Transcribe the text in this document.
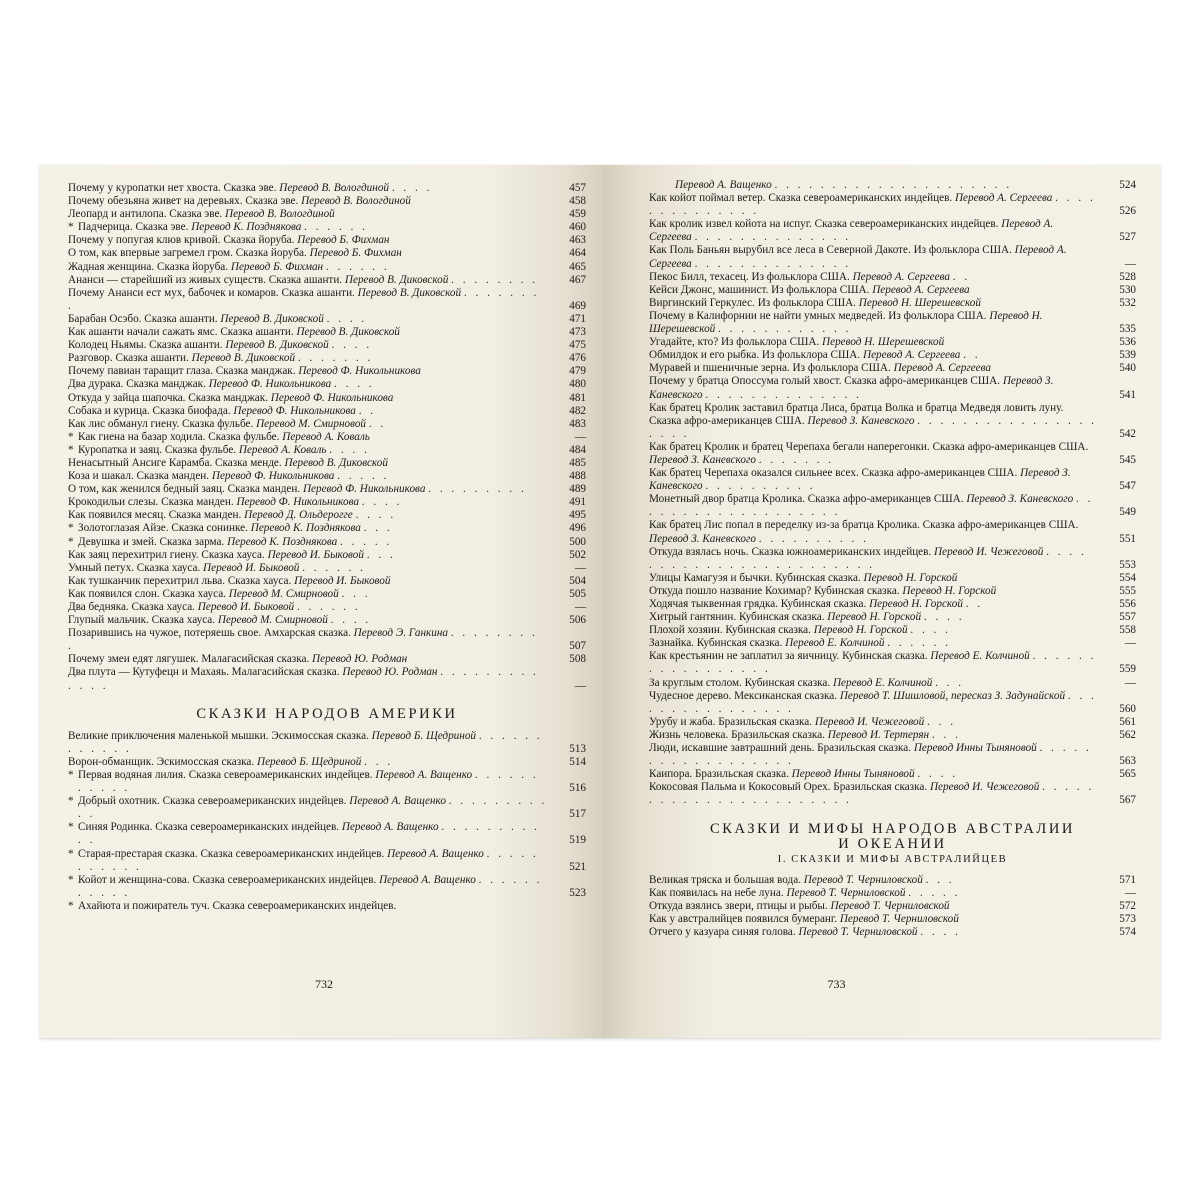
Почему у куропатки нет хвоста. Сказка эве. Перевод В. Вологдиной . . . .	457
Почему обезьяна живет на деревьях. Сказка эве. Перевод В. Вологдиной	458
Леопард и антилопа. Сказка эве. Перевод В. Вологдиной	459
* Падчерица. Сказка эве. Перевод К. Позднякова . . . . . .	460
Почему у попугая клюв кривой. Сказка йоруба. Перевод Б. Фихман	463
О том, как впервые загремел гром. Сказка йоруба. Перевод Б. Фихман	464
Жадная женщина. Сказка йоруба. Перевод Б. Фихман . . . . . .	465
Ананси — старейший из живых существ. Сказка ашанти. Перевод В. Диковской . . . . . . . .	467
Почему Ананси ест мух, бабочек и комаров. Сказка ашанти. Перевод В. Диковской . . . . . . . .	469
Барабан Осэбо. Сказка ашанти. Перевод В. Диковской . . . .	471
Как ашанти начали сажать ямс. Сказка ашанти. Перевод В. Диковской	473
Колодец Ньямы. Сказка ашанти. Перевод В. Диковской . . . .	475
Разговор. Сказка ашанти. Перевод В. Диковской . . . . . . .	476
Почему павиан таращит глаза. Сказка манджак. Перевод Ф. Никольникова	479
Два дурака. Сказка манджак. Перевод Ф. Никольникова . . . .	480
Откуда у зайца шапочка. Сказка манджак. Перевод Ф. Никольникова	481
Собака и курица. Сказка биофада. Перевод Ф. Никольникова . .	482
Как лис обманул гиену. Сказка фульбе. Перевод М. Смирновой . .	483
* Как гиена на базар ходила. Сказка фульбе. Перевод А. Коваль	—
* Куропатка и заяц. Сказка фульбе. Перевод А. Коваль . . . .	484
Ненасытный Ансиге Карамба. Сказка менде. Перевод В. Диковской	485
Коза и шакал. Сказка манден. Перевод Ф. Никольникова . . . . .	488
О том, как женился бедный заяц. Сказка манден. Перевод Ф. Никольникова . . . . . . . . .	489
Крокодильи слезы. Сказка манден. Перевод Ф. Никольникова . . . .	491
Как появился месяц. Сказка манден. Перевод Д. Ольдерогге . . . .	495
* Золотоглазая Айзе. Сказка сонинке. Перевод К. Позднякова . . .	496
* Девушка и змей. Сказка зарма. Перевод К. Позднякова . . . . .	500
Как заяц перехитрил гиену. Сказка хауса. Перевод И. Быковой . . .	502
Умный петух. Сказка хауса. Перевод И. Быковой . . . . . .	—
Как тушканчик перехитрил льва. Сказка хауса. Перевод И. Быковой	504
Как появился слон. Сказка хауса. Перевод М. Смирновой . . .	505
Два бедняка. Сказка хауса. Перевод И. Быковой . . . . . .	—
Глупый мальчик. Сказка хауса. Перевод М. Смирновой . . . .	506
Позарившись на чужое, потеряешь свое. Амхарская сказка. Перевод Э. Ганкина . . . . . . . . .	507
Почему змеи едят лягушек. Малагасийская сказка. Перевод Ю. Родман	508
Два плута — Кутуфецн и Махаяь. Малагасийская сказка. Перевод Ю. Родман . . . . . . . . . . . . .	—
СКАЗКИ НАРОДОВ АМЕРИКИ
Великие приключения маленькой мышки. Эскимосская сказка. Перевод Б. Щедриной . . . . . . . . . . . .	513
Ворон-обманщик. Эскимосская сказка. Перевод Б. Щедриной . . .	514
* Первая водяная лилия. Сказка североамериканских индейцев. Перевод А. Ващенко . . . . . . . . . . .	516
* Добрый охотник. Сказка североамериканских индейцев. Перевод А. Ващенко . . . . . . . . . . .	517
* Синяя Родинка. Сказка североамериканских индейцев. Перевод А. Ващенко . . . . . . . . . . .	519
* Старая-престарая сказка. Сказка североамериканских индейцев. Перевод А. Ващенко . . . . . . . . . . .	521
* Койот и женщина-сова. Сказка североамериканских индейцев. Перевод А. Ващенко . . . . . . . . . . .	523
* Ахайюта и пожиратель туч. Сказка североамериканских индейцев.
732
Перевод А. Ващенко . . . . . . . . . . . . . . . . . . . . .	524
Как койот поймал ветер. Сказка североамериканских индейцев. Перевод А. Сергеева . . . . . . . . . . . . . .	526
Как кролик извел койота на испуг. Сказка североамериканских индейцев. Перевод А. Сергеева . . . . . . . . . . . . . .	527
Как Поль Баньян вырубил все леса в Северной Дакоте. Из фольклора США. Перевод А. Сергеева . . . . . . . . . . . . . .	—
Пекос Билл, техасец. Из фольклора США. Перевод А. Сергеева . .	528
Кейси Джонс, машинист. Из фольклора США. Перевод А. Сергеева	530
Виргинский Геркулес. Из фольклора США. Перевод Н. Шерешевской	532
Почему в Калифорнии не найти умных медведей. Из фольклора США. Перевод Н. Шерешевской . . . . . . . . . . . .	535
Угадайте, кто? Из фольклора США. Перевод Н. Шерешевской	536
Обмилдок и его рыбка. Из фольклора США. Перевод А. Сергеева . .	539
Муравей и пшеничные зерна. Из фольклора США. Перевод А. Сергеева	540
Почему у братца Опоссума голый хвост. Сказка афро-американцев США. Перевод З. Каневского . . . . . . . . . . . . . .	541
Как братец Кролик заставил братца Лиса, братца Волка и братца Медведя ловить луну. Сказка афро-американцев США. Перевод З. Каневского . . . . . . . . . . . . . . . . . . . .	542
Как братец Кролик и братец Черепаха бегали наперегонки. Сказка афро-американцев США. Перевод З. Каневского . . . . . . .	545
Как братец Черепаха оказался сильнее всех. Сказка афро-американцев США. Перевод З. Каневского . . . . . . . . . .	547
Монетный двор братца Кролика. Сказка афро-американцев США. Перевод З. Каневского . . . . . . . . . . . . . . . . . . .	549
Как братец Лис попал в переделку из-за братца Кролика. Сказка афро-американцев США. Перевод З. Каневского . . . . . . . . . .	551
Откуда взялась ночь. Сказка южноамериканских индейцев. Перевод И. Чежеговой . . . . . . . . . . . . . . . . . . . . . . . .	553
Улицы Камагуэя и бычки. Кубинская сказка. Перевод Н. Горской	554
Откуда пошло название Кохимар? Кубинская сказка. Перевод Н. Горской	555
Ходячая тыквенная грядка. Кубинская сказка. Перевод Н. Горской . .	556
Хитрый гантянин. Кубинская сказка. Перевод Н. Горской . . . .	557
Плохой хозяин. Кубинская сказка. Перевод Н. Горской . . . .	558
Зазнайка. Кубинская сказка. Перевод Е. Колчиной . . . . . .	—
Как крестьянин не заплатил за яичницу. Кубинская сказка. Перевод Е. Колчиной . . . . . . . . . . . . . . . . .	559
За круглым столом. Кубинская сказка. Перевод Е. Колчиной . . .	—
Чудесное дерево. Мексиканская сказка. Перевод Т. Шишловой, пересказ З. Задунайской . . . . . . . . . . . . . . . .	560
Урубу и жаба. Бразильская сказка. Перевод И. Чежеговой . . .	561
Жизнь человека. Бразильская сказка. Перевод И. Тертерян . . .	562
Люди, искавшие завтрашний день. Бразильская сказка. Перевод Инны Тыняновой . . . . . . . . . . . . . . . . . .	563
Каипора. Бразильская сказка. Перевод Инны Тыняновой . . . .	565
Кокосовая Пальма и Кокосовый Орех. Бразильская сказка. Перевод И. Чежеговой . . . . . . . . . . . . . . . . . . . . . . .	567
СКАЗКИ И МИФЫ НАРОДОВ АВСТРАЛИИ
И ОКЕАНИИ
I. СКАЗКИ И МИФЫ АВСТРАЛИЙЦЕВ
Великая тряска и большая вода. Перевод Т. Черниловской . . .	571
Как появилась на небе луна. Перевод Т. Черниловской . . . . .	—
Откуда взялись звери, птицы и рыбы. Перевод Т. Черниловской	572
Как у австралийцев появился бумеранг. Перевод Т. Черниловской	573
Отчего у казуара синяя голова. Перевод Т. Черниловской . . . .	574
733
